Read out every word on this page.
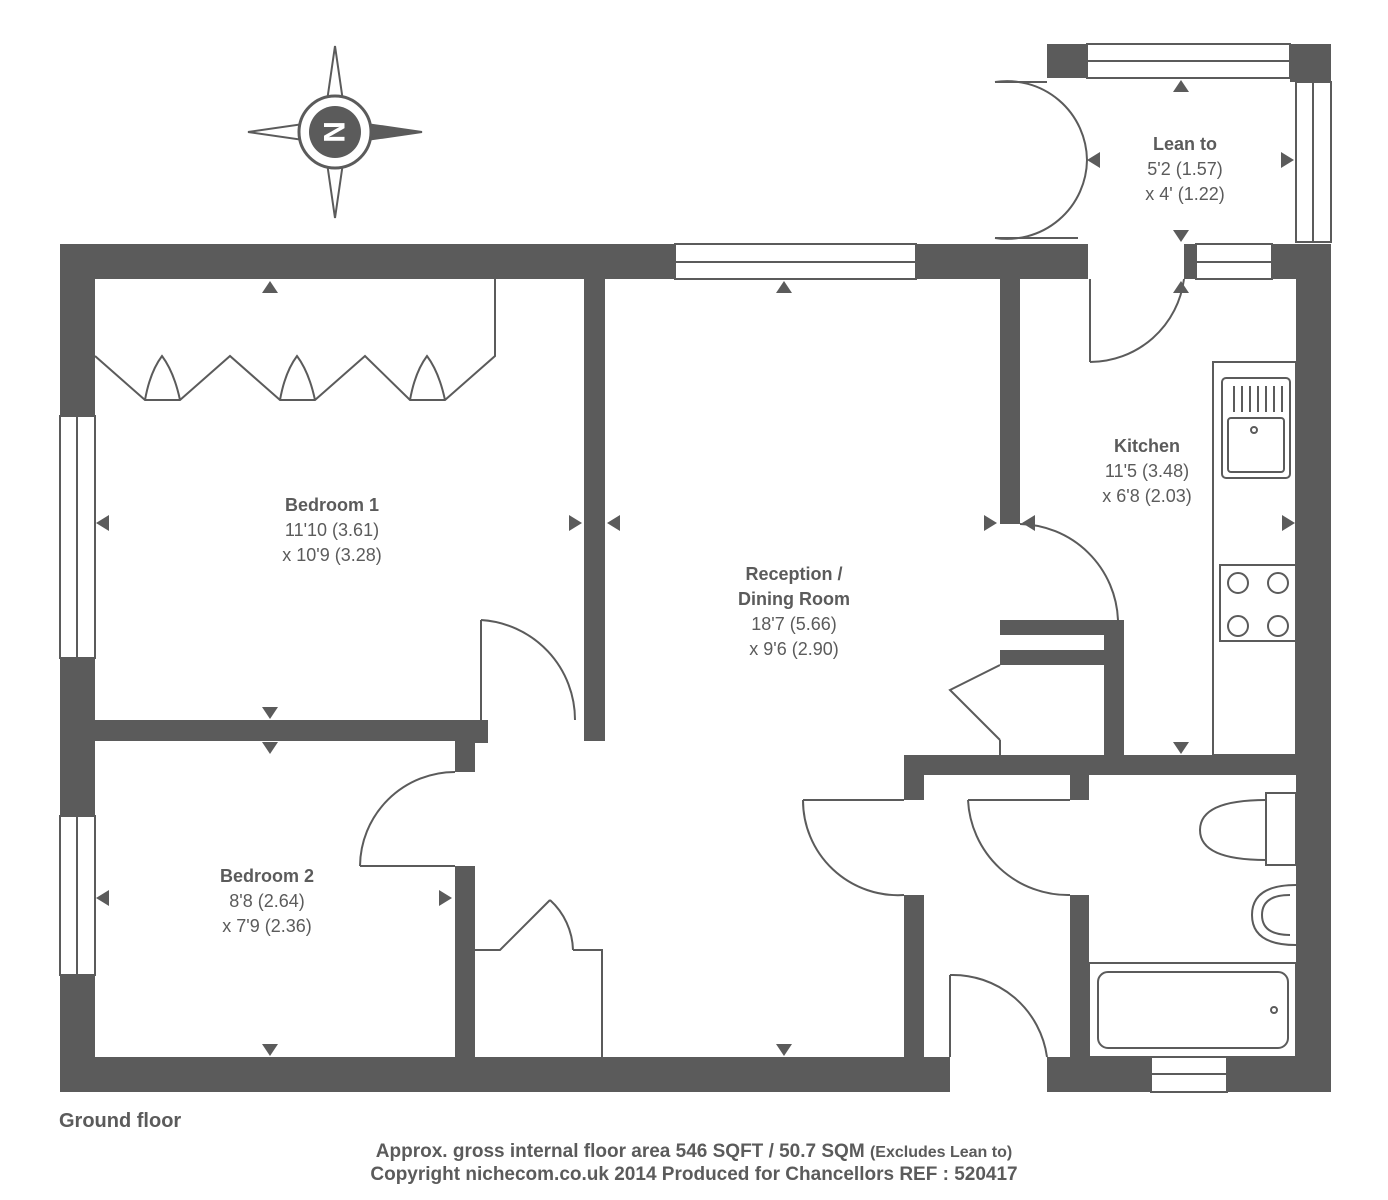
N
Lean to
5'2 (1.57)
x 4' (1.22)
Bedroom 1
11'10 (3.61)
x 10'9 (3.28)
Reception /
Dining Room
18'7 (5.66)
x 9'6 (2.90)
Kitchen
11'5 (3.48)
x 6'8 (2.03)
Bedroom 2
8'8 (2.64)
x 7'9 (2.36)
Ground floor
Approx. gross internal floor area 546 SQFT / 50.7 SQM (Excludes Lean to)
Copyright nichecom.co.uk 2014 Produced for Chancellors REF : 520417
